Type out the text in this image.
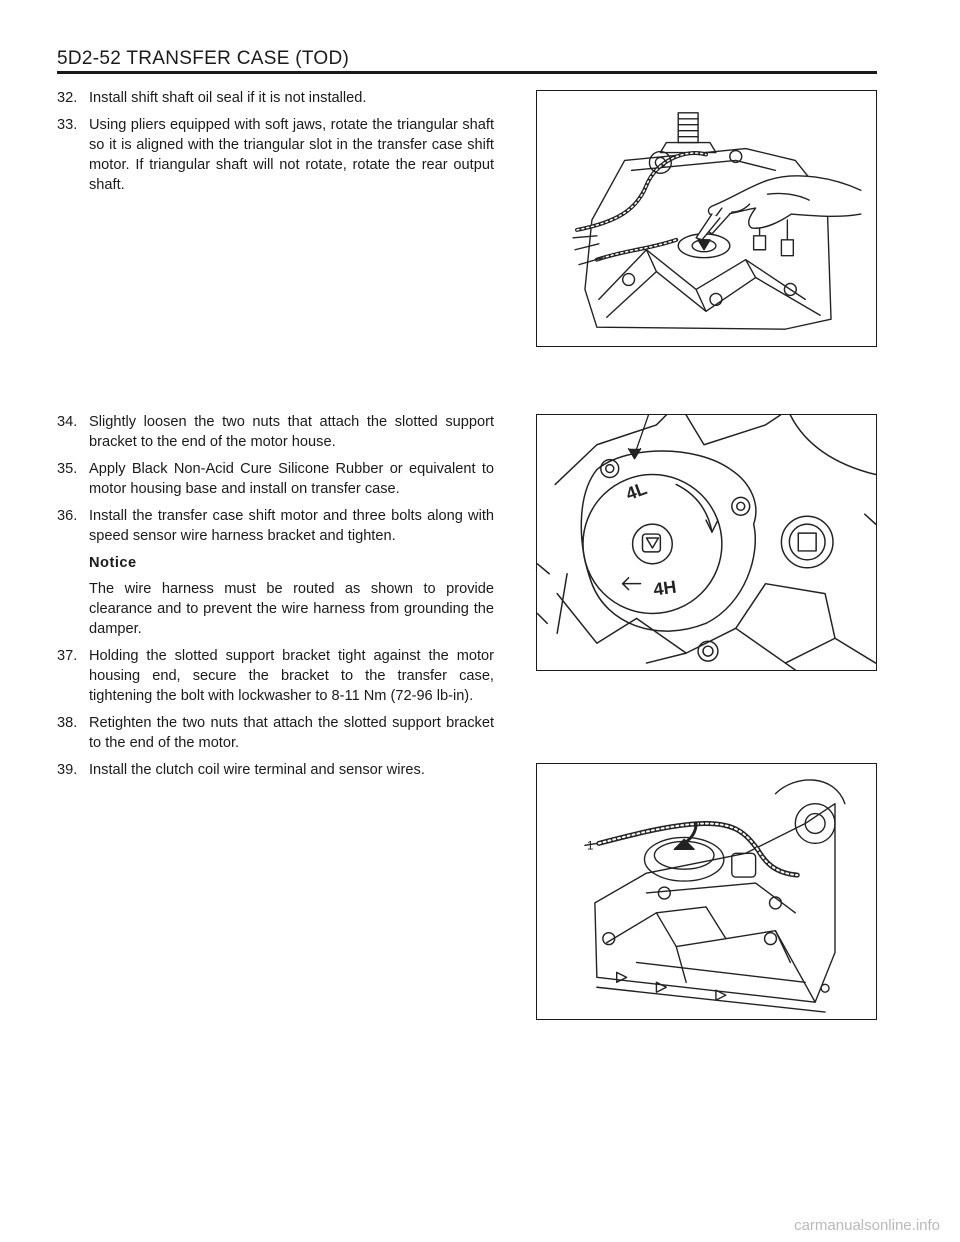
5D2-52 TRANSFER CASE (TOD)
32. Install shift shaft oil seal if it is not installed.
33. Using pliers equipped with soft jaws, rotate the triangular shaft so it is aligned with the triangular slot in the transfer case shift motor. If triangular shaft will not rotate, rotate the rear output shaft.
34. Slightly loosen the two nuts that attach the slotted support bracket to the end of the motor house.
35. Apply Black Non-Acid Cure Silicone Rubber or equivalent to motor housing base and install on transfer case.
36. Install the transfer case shift motor and three bolts along with speed sensor wire harness bracket and tighten.
Notice
The wire harness must be routed as shown to provide clearance and to prevent the wire harness from grounding the damper.
37. Holding the slotted support bracket tight against the motor housing end, secure the bracket to the transfer case, tightening the bolt with lockwasher to 8-11 Nm (72-96 lb-in).
38. Retighten the two nuts that attach the slotted support bracket to the end of the motor.
39. Install the clutch coil wire terminal and sensor wires.
4L
4H
1
carmanualsonline.info
